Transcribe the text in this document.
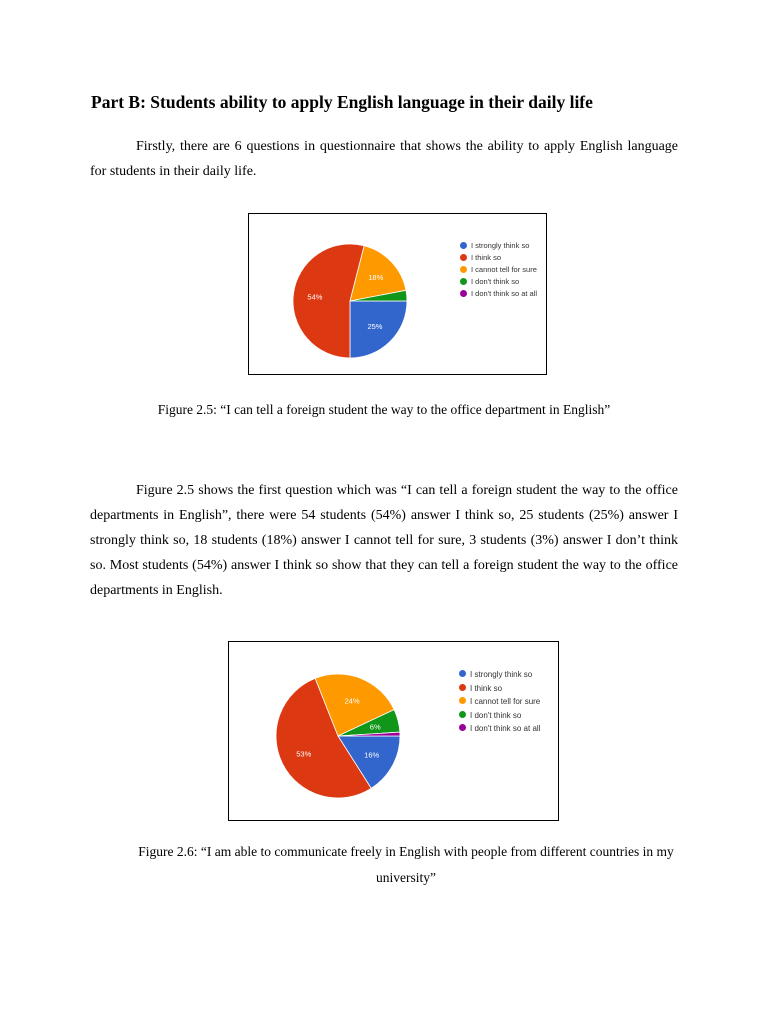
Part B: Students ability to apply English language in their daily life
Firstly, there are 6 questions in questionnaire that shows the ability to apply English language for students in their daily life.
25%
54%
18%
I strongly think so
I think so
I cannot tell for sure
I don't think so
I don't think so at all
Figure 2.5: “I can tell a foreign student the way to the office department in English”
Figure 2.5 shows the first question which was “I can tell a foreign student the way to the office departments in English”, there were 54 students (54%) answer I think so, 25 students (25%) answer I strongly think so, 18 students (18%) answer I cannot tell for sure, 3 students (3%) answer I don’t think so. Most students (54%) answer I think so show that they can tell a foreign student the way to the office departments in English.
16%
53%
24%
6%
I strongly think so
I think so
I cannot tell for sure
I don't think so
I don't think so at all
Figure 2.6: “I am able to communicate freely in English with people from different countries in my university”
